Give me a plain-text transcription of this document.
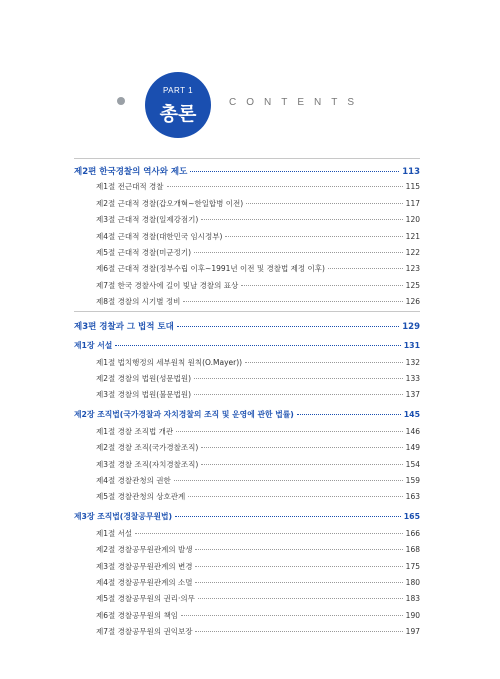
PART 1
총론
CONTENTS
제2편 한국경찰의 역사와 제도	113
제1절 전근대적 경찰	115
제2절 근대적 경찰(갑오개혁~한일합병 이전)	117
제3절 근대적 경찰(일제강점기)	120
제4절 근대적 경찰(대한민국 임시정부)	121
제5절 근대적 경찰(미군정기)	122
제6절 근대적 경찰(정부수립 이후~1991년 이전 및 경찰법 제정 이후)	123
제7절 한국 경찰사에 길이 빛날 경찰의 표상	125
제8절 경찰의 시기별 정비	126
제3편 경찰과 그 법적 토대	129
제1장 서설	131
제1절 법치행정의 세부원칙 원칙(O.Mayer))	132
제2절 경찰의 법원(성문법원)	133
제3절 경찰의 법원(불문법원)	137
제2장 조직법(국가경찰과 자치경찰의 조직 및 운영에 관한 법률)	145
제1절 경찰 조직법 개관	146
제2절 경찰 조직(국가경찰조직)	149
제3절 경찰 조직(자치경찰조직)	154
제4절 경찰관청의 권한	159
제5절 경찰관청의 상호관계	163
제3장 조직법(경찰공무원법)	165
제1절 서설	166
제2절 경찰공무원관계의 발생	168
제3절 경찰공무원관계의 변경	175
제4절 경찰공무원관계의 소멸	180
제5절 경찰공무원의 권리·의무	183
제6절 경찰공무원의 책임	190
제7절 경찰공무원의 권익보장	197
